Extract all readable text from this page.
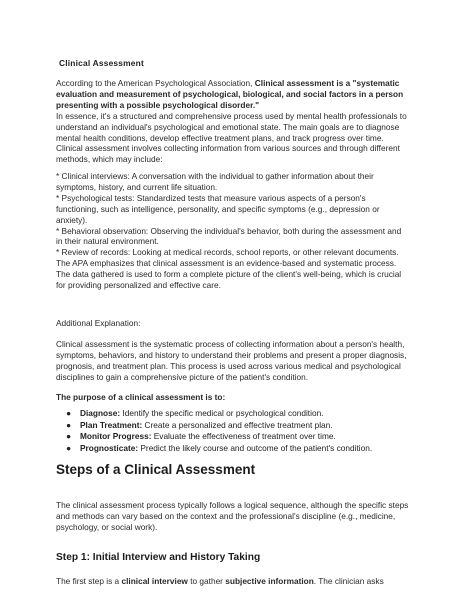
Clinical Assessment

According to the American Psychological Association, Clinical assessment is a "systematic evaluation and measurement of psychological, biological, and social factors in a person presenting with a possible psychological disorder."

In essence, it's a structured and comprehensive process used by mental health professionals to

understand an individual's psychological and emotional state. The main goals are to diagnose

mental health conditions, develop effective treatment plans, and track progress over time.

Clinical assessment involves collecting information from various sources and through different

methods, which may include:

* Clinical interviews: A conversation with the individual to gather information about their

symptoms, history, and current life situation.

* Psychological tests: Standardized tests that measure various aspects of a person's

functioning, such as intelligence, personality, and specific symptoms (e.g., depression or

anxiety).

* Behavioral observation: Observing the individual's behavior, both during the assessment and

in their natural environment.

* Review of records: Looking at medical records, school reports, or other relevant documents.

The APA emphasizes that clinical assessment is an evidence-based and systematic process.

The data gathered is used to form a complete picture of the client's well-being, which is crucial

for providing personalized and effective care.

Additional Explanation:

Clinical assessment is the systematic process of collecting information about a person's health,

symptoms, behaviors, and history to understand their problems and present a proper diagnosis,

prognosis, and treatment plan. This process is used across various medical and psychological

disciplines to gain a comprehensive picture of the patient's condition.

The purpose of a clinical assessment is to:

●	Diagnose: Identify the specific medical or psychological condition.
●	Plan Treatment: Create a personalized and effective treatment plan.
●	Monitor Progress: Evaluate the effectiveness of treatment over time.
●	Prognosticate: Predict the likely course and outcome of the patient's condition.
Steps of a Clinical Assessment

The clinical assessment process typically follows a logical sequence, although the specific steps

and methods can vary based on the context and the professional's discipline (e.g., medicine,

psychology, or social work).

Step 1: Initial Interview and History Taking

The first step is a clinical interview to gather subjective information. The clinician asks
